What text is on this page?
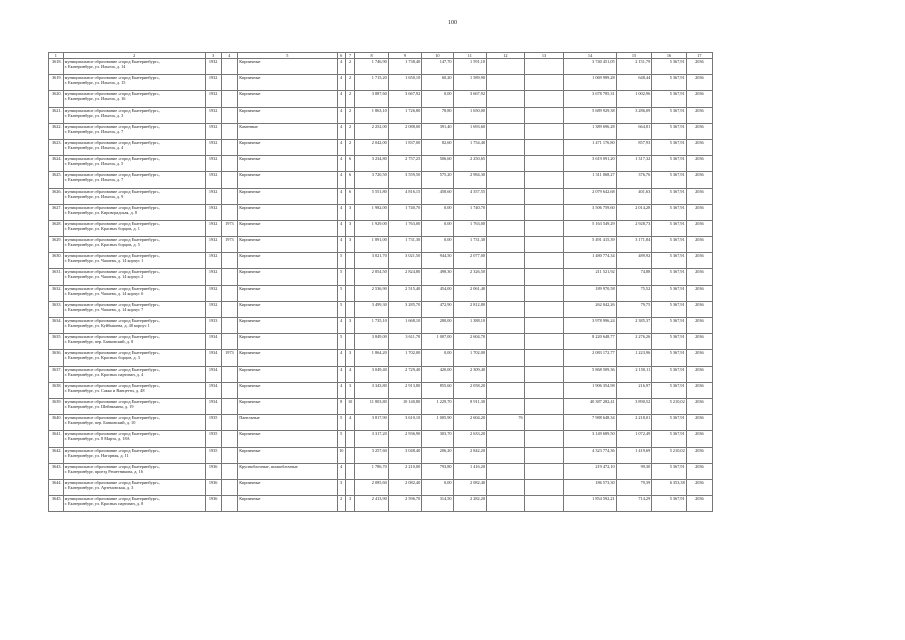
100
1	2	3	4	5	6	7	8	9	10	11	12	13	14	15	16	17
3618.	муниципальное образование «город Екатеринбург»,
г. Екатеринбург, ул. Ильича, д. 14	1932		Кирпичные	4	2	1 746,90	1 738,40	147,70	1 591,10			3 740 451,05	2 151,79	5 367,91	2036
3619.	муниципальное образование «город Екатеринбург»,
г. Екатеринбург, ул. Ильича, д. 15	1932		Кирпичные	4	2	1 715,20	1 650,10	60,20	1 589,90			1 069 989,28	648,44	5 367,91	2036
3620.	муниципальное образование «город Екатеринбург»,
г. Екатеринбург, ул. Ильича, д. 16	1932		Кирпичные	4	2	3 887,60	3 667,92	0,00	3 667,92			3 678 785,31	1 002,96	5 367,91	2036
3621.	муниципальное образование «город Екатеринбург»,
г. Екатеринбург, ул. Ильича, д. 3	1932		Кирпичные	4	2	1 863,10	1 726,80	78,80	1 650,00			5 689 929,38	3 286,09	5 367,91	2036
3622.	муниципальное образование «город Екатеринбург»,
г. Екатеринбург, ул. Ильича, д. 7	1932		Каменные	4	2	2 252,00	2 088,00	391,40	1 693,60			1 389 696,28	664,81	5 367,91	2036
3623.	муниципальное образование «город Екатеринбург»,
г. Екатеринбург, ул. Ильича, д. 4	1932		Кирпичные	4	2	2 042,00	1 837,00	82,60	1 754,40			1 471 176,80	857,93	5 367,91	2036
3624.	муниципальное образование «город Екатеринбург»,
г. Екатеринбург, ул. Ильича, д. 5	1932		Кирпичные	4	6	3 234,80	2 757,25	506,60	2 250,65			3 619 091,20	1 317,32	5 367,91	2036
3625.	муниципальное образование «город Екатеринбург»,
г. Екатеринбург, ул. Ильича, д. 7	1932		Кирпичные	4	6	3 720,50	3 559,50	575,20	2 984,30			1 311 068,27	376,76	5 367,91	2036
3626.	муниципальное образование «город Екатеринбург»,
г. Екатеринбург, ул. Ильича, д. 9	1932		Кирпичные	4	6	5 551,80	4 816,15	458,60	4 357,55			2 079 642,68	401,63	5 367,91	2036
3627.	муниципальное образование «город Екатеринбург»,
г. Екатеринбург, ул. Кировградская, д. 8	1932		Кирпичные	4	3	1 982,00	1 740,70	0,00	1 740,70			3 506 759,60	2 014,28	5 367,91	2036
3628.	муниципальное образование «город Екатеринбург»,
г. Екатеринбург, ул. Красных борцов, д. 1	1932	1973	Кирпичные	4	3	1 929,00	1 763,00	0,00	1 763,00			5 163 549,29	2 928,73	5 367,91	2036
3629.	муниципальное образование «город Екатеринбург»,
г. Екатеринбург, ул. Красных борцов, д. 5	1932	1973	Кирпичные	4	3	1 891,00	1 731,30	0,00	1 731,30			5 491 415,39	3 171,84	5 367,91	2036
3630.	муниципальное образование «город Екатеринбург»,
г. Екатеринбург, ул. Чапаева, д. 14 корпус 1	1932		Кирпичные	5		3 021,70	3 021,50	944,50	2 077,00			1 480 774,34	489,92	5 367,91	2036
3631.	муниципальное образование «город Екатеринбург»,
г. Екатеринбург, ул. Чапаева, д. 14 корпус 2	1932		Кирпичные	5		2 854,50	2 824,80	498,30	2 326,50			211 521,92	74,88	5 367,91	2036
3632.	муниципальное образование «город Екатеринбург»,
г. Екатеринбург, ул. Чапаева, д. 14 корпус 6	1932		Кирпичные	5		2 536,90	2 515,40	454,00	2 061,40			189 970,58	75,52	5 367,91	2036
3633.	муниципальное образование «город Екатеринбург»,
г. Екатеринбург, ул. Чапаева, д. 14 корпус 7	1932		Кирпичные	5		3 499,30	3 285,70	472,90	2 812,80			262 042,26	79,75	5 367,91	2036
3634.	муниципальное образование «город Екатеринбург»,
г. Екатеринбург, ул. Куйбышева, д. 48 корпус 1	1933		Кирпичные	4	3	1 735,10	1 668,10	280,00	1 388,10			3 978 996,24	2 385,37	5 367,91	2036
3635.	муниципальное образование «город Екатеринбург»,
г. Екатеринбург, пер. Банковский, д. 8	1934		Кирпичные	5		3 849,00	3 611,70	1 007,00	2 604,70			8 220 648,77	2 276,26	5 367,91	2036
3636.	муниципальное образование «город Екатеринбург»,
г. Екатеринбург, ул. Красных борцов, д. 3	1934	1973	Кирпичные	4	3	1 864,20	1 702,00	0,00	1 702,00			2 083 172,77	1 223,96	5 367,91	2036
3637.	муниципальное образование «город Екатеринбург»,
г. Екатеринбург, ул. Красных партизан, д. 4	1934		Кирпичные	4	4	3 049,40	2 729,40	420,00	2 309,40			5 868 509,36	2 150,11	5 367,91	2036
3638.	муниципальное образование «город Екатеринбург»,
г. Екатеринбург, ул. Сакко и Ванцетти, д. 48	1934		Кирпичные	4	3	3 343,80	2 913,80	855,60	2 058,20			1 906 354,98	216,97	5 367,91	2036
3639.	муниципальное образование «город Екатеринбург»,
г. Екатеринбург, ул. Шейнкмана, д. 19	1934		Кирпичные	8	10	11 803,80	10 140,80	1 229,70	8 911,30			40 387 282,41	3 890,52	5 210,02	2036
3640.	муниципальное образование «город Екатеринбург»,
г. Екатеринбург, пер. Банковский, д. 10	1935		Панельные	5	4	3 817,90	3 610,10	1 005,90	2 604,20	76		7 988 648,34	2 218,01	5 367,91	2036
3641.	муниципальное образование «город Екатеринбург»,
г. Екатеринбург, ул. 8 Марта, д. 18А	1935		Кирпичные	5		3 317,20	2 936,90	303,70	2 633,20			3 149 689,50	1 072,49	5 367,91	2036
3642.	муниципальное образование «город Екатеринбург»,
г. Екатеринбург, ул. Нагорная, д. 11	1935		Кирпичные	10		3 257,60	3 048,40	206,20	2 842,20			4 323 774,36	1 419,69	5 210,02	2036
3643.	муниципальное образование «город Екатеринбург»,
г. Екатеринбург, проезд Решетникова, д. 16	1936		Крупноблочные, шлакоблочные	4		1 786,70	2 210,00	793,80	1 416,20			219 472,10	99,30	5 367,91	2036
3644.	муниципальное образование «город Екатеринбург»,
г. Екатеринбург, ул. Артемовская, д. 3	1936		Кирпичные	3		2 085,60	2 082,40	0,00	2 082,40			186 573,30	79,39	6 353,38	2036
3645.	муниципальное образование «город Екатеринбург»,
г. Екатеринбург, ул. Красных партизан, д. 8	1936		Кирпичные	2	3	2 413,90	2 596,70	314,50	2 282,20			1 854 592,21	714,29	5 367,91	2036
